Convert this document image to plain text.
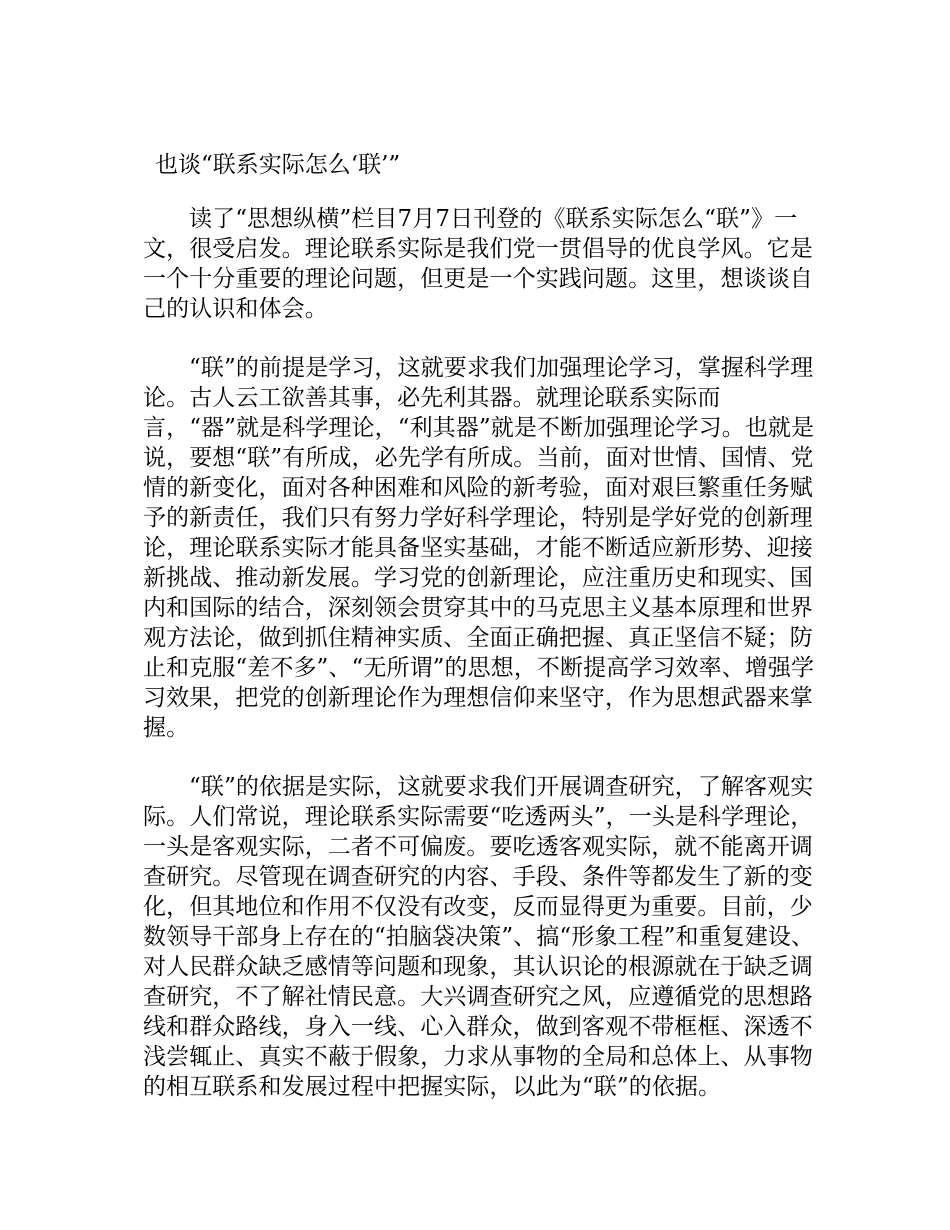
也谈“联系实际怎么‘联’”

读了“思想纵横”栏目7月7日刊登的《联系实际怎么“联”》一文，很受启发。理论联系实际是我们党一贯倡导的优良学风。它是一个十分重要的理论问题，但更是一个实践问题。这里，想谈谈自己的认识和体会。

“联”的前提是学习，这就要求我们加强理论学习，掌握科学理论。古人云工欲善其事，必先利其器。就理论联系实际而言，“器”就是科学理论，“利其器”就是不断加强理论学习。也就是说，要想“联”有所成，必先学有所成。当前，面对世情、国情、党情的新变化，面对各种困难和风险的新考验，面对艰巨繁重任务赋予的新责任，我们只有努力学好科学理论，特别是学好党的创新理论，理论联系实际才能具备坚实基础，才能不断适应新形势、迎接新挑战、推动新发展。学习党的创新理论，应注重历史和现实、国内和国际的结合，深刻领会贯穿其中的马克思主义基本原理和世界观方法论，做到抓住精神实质、全面正确把握、真正坚信不疑；防止和克服“差不多”、“无所谓”的思想，不断提高学习效率、增强学习效果，把党的创新理论作为理想信仰来坚守，作为思想武器来掌握。

“联”的依据是实际，这就要求我们开展调查研究，了解客观实际。人们常说，理论联系实际需要“吃透两头”，一头是科学理论，一头是客观实际，二者不可偏废。要吃透客观实际，就不能离开调查研究。尽管现在调查研究的内容、手段、条件等都发生了新的变化，但其地位和作用不仅没有改变，反而显得更为重要。目前，少数领导干部身上存在的“拍脑袋决策”、搞“形象工程”和重复建设、对人民群众缺乏感情等问题和现象，其认识论的根源就在于缺乏调查研究，不了解社情民意。大兴调查研究之风，应遵循党的思想路线和群众路线，身入一线、心入群众，做到客观不带框框、深透不浅尝辄止、真实不蔽于假象，力求从事物的全局和总体上、从事物的相互联系和发展过程中把握实际，以此为“联”的依据。
